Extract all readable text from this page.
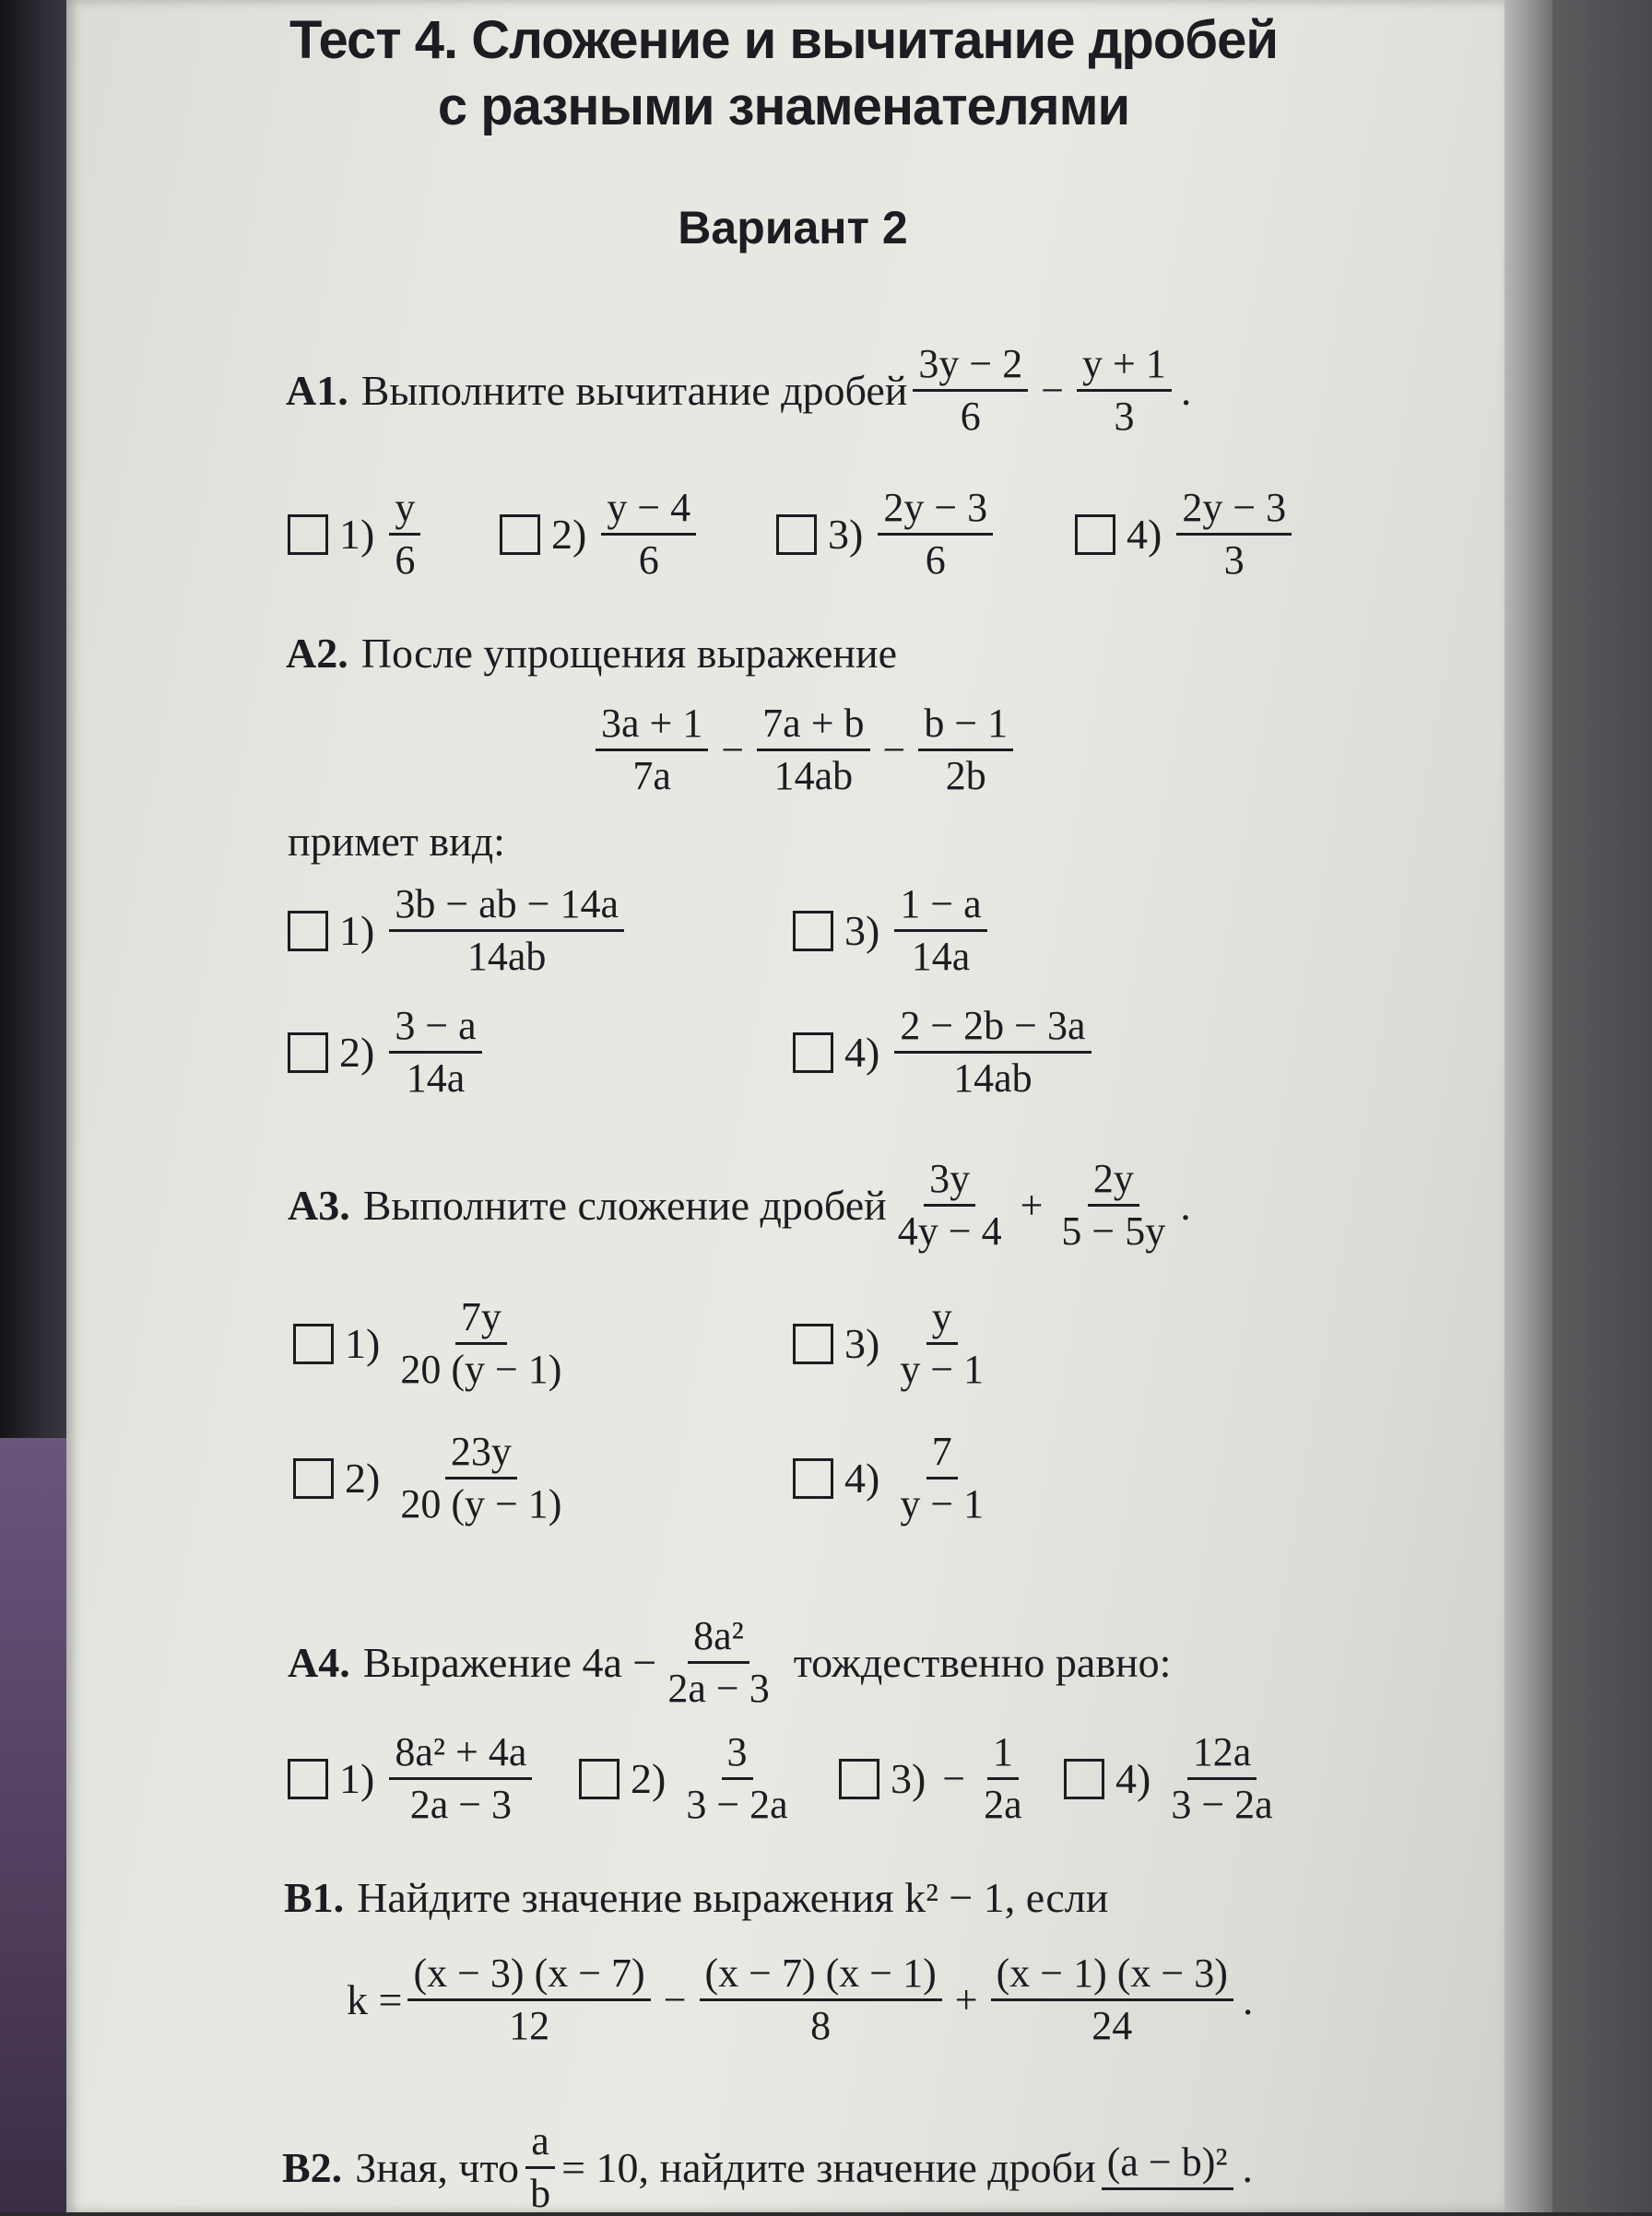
Тест 4. Сложение и вычитание дробей
с разными знаменателями
Вариант 2
А1. Выполните вычитание дробей $\frac{3y - 2}{6} - \frac{y + 1}{3}$ .
$1) \frac{y}{6}$	$2) \frac{y - 4}{6}$	$3) \frac{2y - 3}{6}$	$4) \frac{2y - 3}{3}$
А2. После упрощения выражение
$\frac{3a + 1}{7a} - \frac{7a + b}{14ab} - \frac{b - 1}{2b}$
примет вид:
$1) \frac{3b - ab - 14a}{14ab}$
$2) \frac{3 - a}{14a}$
$3) \frac{1 - a}{14a}$
$4) \frac{2 - 2b - 3a}{14ab}$
А3. Выполните сложение дробей $\frac{3y}{4y - 4} + \frac{2y}{5 - 5y}$ .
$1) \frac{7y}{20 (y - 1)}$
$2) \frac{23y}{20 (y - 1)}$
$3) \frac{y}{y - 1}$
$4) \frac{7}{y - 1}$
А4. Выражение $4a - \frac{\text{8a²}}{2a - 3}$ тождественно равно:
$1) \frac{\text{8a² + 4a}}{2a - 3} 2) \frac{3}{3 - 2a} 3) - \frac{1}{2a} 4) \frac{12a}{3 - 2a}$
В1. Найдите значение выражения k² − 1, если
$k = \frac{(x - 3) (x - 7)}{12} - \frac{(x - 7) (x - 1)}{8} + \frac{(x - 1) (x - 3)}{24}$ .
В2. Зная, что $\frac{a}{b} = 10$, найдите значение дроби (a − b)² .
